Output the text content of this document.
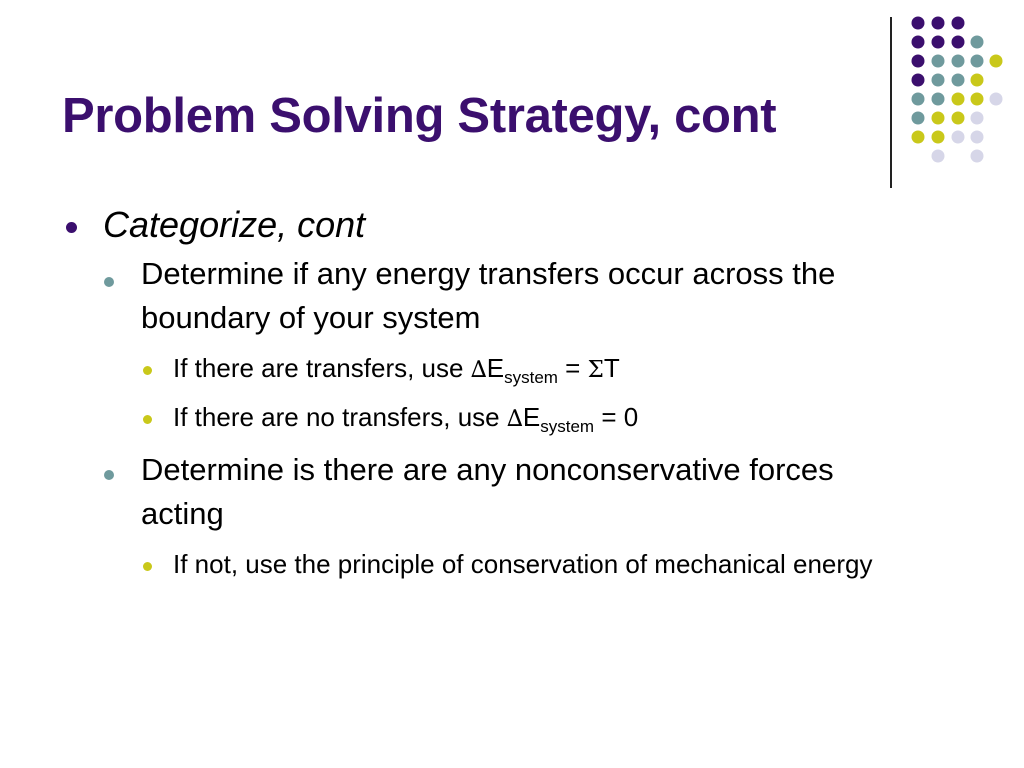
Problem Solving Strategy, cont
Categorize, cont
Determine if any energy transfers occur across the boundary of your system
If there are transfers, use $\Delta E_{system} = \Sigma T$
If there are no transfers, use $\Delta E_{system} = 0$
Determine is there are any nonconservative forces acting
If not, use the principle of conservation of mechanical energy
